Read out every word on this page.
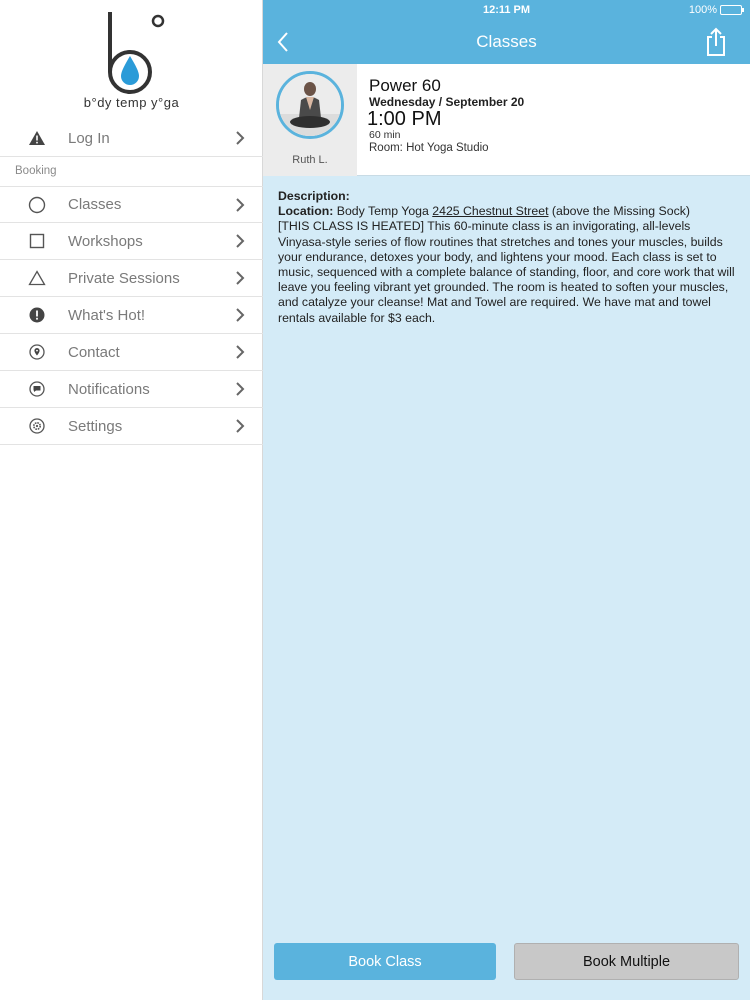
b°dy temp y°ga
Log In
Booking
Classes
Workshops
Private Sessions
What's Hot!
Contact
Notifications
Settings
12:11 PM	100%
Classes
Ruth L.
Power 60
Wednesday / September 20
1:00 PM
60 min
Room: Hot Yoga Studio
Description:
Location: Body Temp Yoga 2425 Chestnut Street (above the Missing Sock)
[THIS CLASS IS HEATED] This 60-minute class is an invigorating, all-levels Vinyasa-style series of flow routines that stretches and tones your muscles, builds your endurance, detoxes your body, and lightens your mood. Each class is set to music, sequenced with a complete balance of standing, floor, and core work that will leave you feeling vibrant yet grounded. The room is heated to soften your muscles, and catalyze your cleanse! Mat and Towel are required. We have mat and towel rentals available for $3 each.
Book Class	Book Multiple
